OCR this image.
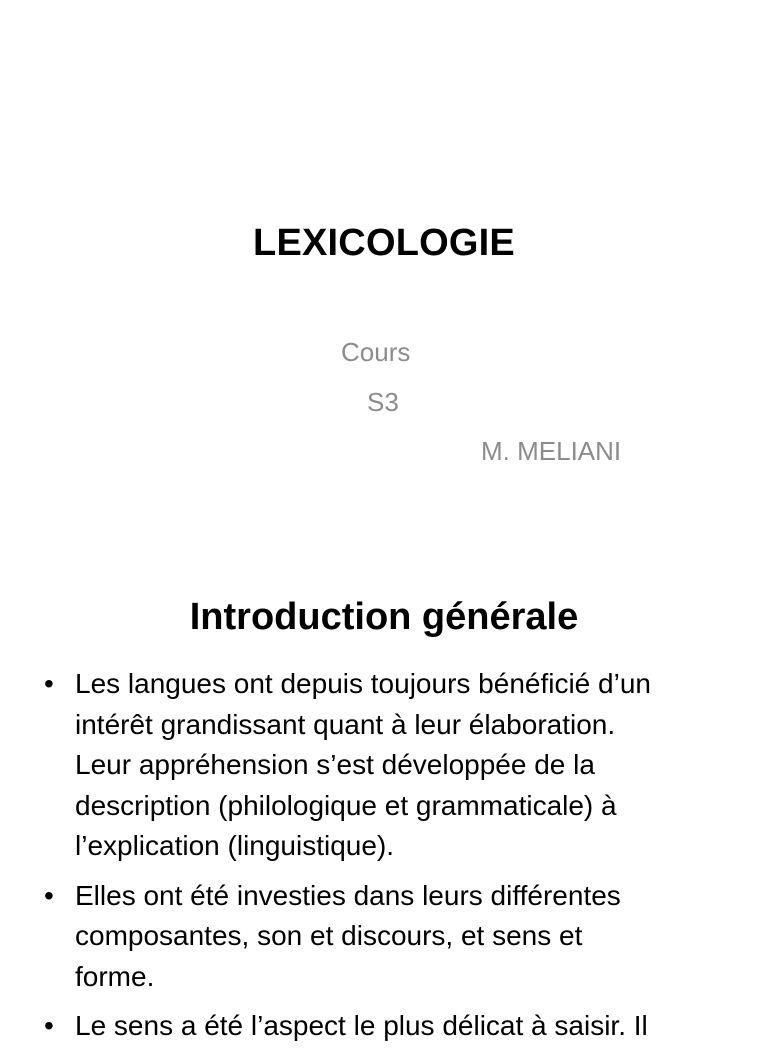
LEXICOLOGIE
Cours
S3
M. MELIANI
Introduction générale
• Les langues ont depuis toujours bénéficié d’un
intérêt grandissant quant à leur élaboration.
Leur appréhension s’est développée de la
description (philologique et grammaticale) à
l’explication (linguistique).
• Elles ont été investies dans leurs différentes
composantes, son et discours, et sens et
forme.
• Le sens a été l’aspect le plus délicat à saisir. Il
